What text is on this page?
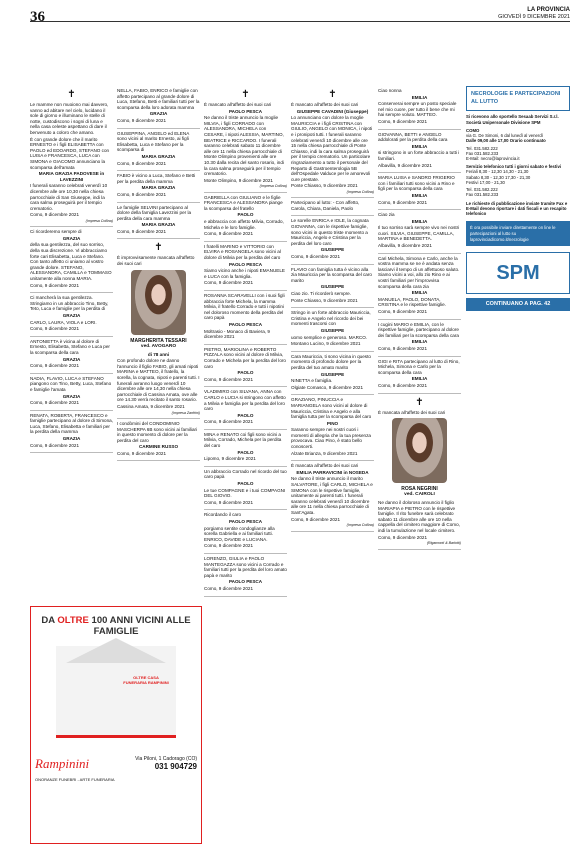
36	LA PROVINCIA
GIOVEDÌ 9 DICEMBRE 2021
✝

Le mamme non muoiono mai davvero, vanno ad abitare nel cielo, lucidano il sole di giorno e illuminano le stelle di notte, custodiscono i sogni di luna e nella casa celeste aspettano di dare il benvenuto a coloro che amano.

È con grande dolore che il marito ERNESTO e i figli ELISABETTA con PAOLO ed EDOARDO, STEFANO con LUISA e FRANCESCA, LUCA con SIMONA e GIACOMO annunciano la scomparsa dell'amata

MARIA GRAZIA PADOVESE in LAVEZZINI

I funerali saranno celebrati venerdì 10 dicembre alle ore 10,30 nella chiesa parrocchiale di San Giuseppe, indi la cara salma proseguirà per il tempio crematorio.

Como, 9 dicembre 2021

(Impresa Collina)

Ci ricorderemo sempre di

GRAZIA

della sua gentilezza, del suo sorriso, della sua discrezione. Vi abbracciamo forte cari Elisabetta, Luca e Stefano. Con tanto affetto ci uniamo al vostro grande dolore. STEFANO, ALESSANDRA, CAMILLA e TOMMASO unitamente alla nonna MARIA.

Como, 9 dicembre 2021

Ci mancherà la sua gentilezza. Stringiamo in un abbraccio Tino, Betty, Teto, Luca e famiglie per la perdita di

GRAZIA

CARLO, LAURA, VIOLA e LORI.

Como, 9 dicembre 2021

ANTONIETTA è vicina al dolore di Ernesto, Elisabetta, Stefano e Luca per la scomparsa della cara

GRAZIA

Como, 9 dicembre 2021

NADIA, FLAVIO, LUCA e STEFANO piangono con Tino, Betty, Luca, Stefano e famiglie l'amata

GRAZIA

Como, 9 dicembre 2021

RENATA, ROBERTA, FRANCESCO e famiglie partecipano al dolore di Simona, Luca, Stefano, Elisabetta e familiari per la perdita della mamma

GRAZIA

Como, 9 dicembre 2021

NELLA, FABIO, ENRICO e famiglie con affetto partecipano al grande dolore di Luca, Stefano, Betti e familiari tutti per la scomparsa della loro adorata mamma

GRAZIA

Como, 9 dicembre 2021

GIUSEPPINA, ANGELO ed ELENA sono vicini al marito Ernesto, ai figli Elisabetta, Luca e Stefano per la scomparsa di

MARIA GRAZIA

Como, 9 dicembre 2021

FABIO è vicino a Luca, Stefano e Betti per la perdita della mamma

MARIA GRAZIA

Como, 9 dicembre 2021

Le famiglie SELVINI partecipano al dolore della famiglia Lavezzini per la perdita della cara mamma

MARIA GRAZIA

Como, 9 dicembre 2021

✝

È improvvisamente mancata all'affetto dei suoi cari

MARGHERITA TESSARI
ved. AVOGARO
di 78 anni

Con profondo dolore ne danno l'annuncio il figlio FABIO, gli amati nipoti MARINA e MATTEO, il fratello, la sorella, la cognata, nipoti e parenti tutti. I funerali avranno luogo venerdì 10 dicembre alle ore 14,30 nella chiesa parrocchiale di Cassina Amata, ove alle ore 14.30 verrà recitato il santo rosario.

Cassina Amata, 9 dicembre 2021

(Impresa Zanfrini)

I condòmini del CONDOMINIO MASCHERPA 6B sono vicini ai familiari in questo momento di dolore per la perdita del caro

CARMINE RUSSO

Como, 9 dicembre 2021

✝

È mancato all'affetto dei suoi cari

PAOLO PESCA

Ne danno il triste annuncio la moglie MILVIA, i figli CORRADO con ALESSANDRA, MICHELA con CESARE, i nipoti ALESSIA, MARTINO, BEATRICE e RICCARDO. I funerali saranno celebrati sabato 11 dicembre alle ore 11 nella chiesa parrocchiale di Monte Olimpino provenienti alle ore 10.30 dalla recita del santo rosario, indi la cara salma proseguirà per il tempio crematorio.

Monte Olimpino, 9 dicembre 2021

(Impresa Collina)

GABRIELLA con GIULIANO e le figlie FRANCESCA e ALESSANDRA piange la scomparsa del fratello

PAOLO

e abbraccia con affetto Milvia, Corrado, Michela e le loro famiglie.

Como, 9 dicembre 2021

I fratelli MARINO e VITTORIO con ELVIRA e ROSANGELA sono vicini al dolore di Milvia per la perdita del caro

PAOLO PESCA

Siamo vicino anche i nipoti EMANUELE e LUCA con la famiglia.

Como, 9 dicembre 2021

ROSANNA SCARAVELLI con i suoi figli abbraccia forte Michela, la mamma Milvia, il fratello Corrado e tutti i nipotini nel doloroso momento della perdita del caro papà

PAOLO PESCA

Moltrasio - Monaco di Baviera, 9 dicembre 2021

PIETRO, MARIOLINA e ROBERTO PIZZALA sono vicini al dolore di Milvia, Corrado e Michela per la perdita del loro caro

PAOLO

Como, 9 dicembre 2021

VLADIMIRO con SILVANA, ANNA con CARLO e LUCIA si stringono con affetto a Milvia e famiglia per la perdita del loro caro

PAOLO

Como, 9 dicembre 2021

MINA e RENATO coi figli sono vicini a Milvia, Corrado, Michela per la perdita del caro

PAOLO

Lipomo, 9 dicembre 2021

Un abbraccio Corrado nel ricordo del tuo caro papà

PAOLO

Le tue COMPAGNE e i tuoi COMPAGNI DEL GIOVIO.

Como, 9 dicembre 2021

Ricordando il caro

PAOLO PESCA

porgiamo sentite condoglianze alla sorella Gabriella e ai familiari tutti. ENRICO, DAVIDE e LUCIANA.

Como, 9 dicembre 2021

LORENZO, GIULIA e PAOLO MANTEGAZZA sono vicini a Corrado e familiari tutti per la perdita del loro amato papà e marito

PAOLO PESCA

Como, 9 dicembre 2021

✝

È mancato all'affetto dei suoi cari

GIUSEPPE CAVADINI (Giuseppe)

Lo annunciano con dolore la moglie MAURICCIA e i figli CRISTINA con GIULIO, ANGELO con MONICA, i nipoti e i pronipoti tutti. I funerali saranno celebrati venerdì 10 dicembre alle ore 15 nella chiesa parrocchiale di Ponte Chiasso, indi la cara salma proseguirà per il tempio crematorio. Un particolare ringraziamento a tutto il personale del Reparto di Gastroenterologia 5B dell'Ospedale Valduce per le amorevoli cure prestate.

Ponte Chiasso, 9 dicembre 2021

(Impresa Collina)

Partecipano al lutto: - Con affetto, Carola, Chiara, Daniela, Paolo

Le sorelle ENRICA e IOLE, la cognata GIOVANNA, con le rispettive famiglie, sono vicini in questo triste momento a Mauriccia, Angelo e Cristina per la perdita del loro caro

GIUSEPPE

Como, 9 dicembre 2021

FLAVIO con famiglia tutta è vicino alla zia Mauriccia per la scomparsa del caro marito

GIUSEPPE

Ciao zio. Ti ricorderò sempre.

Ponte Chiasso, 9 dicembre 2021

Stringo in un forte abbraccio Mauriccia, Cristina e Angelo nel ricordo dei bei momenti trascorsi con

GIUSEPPE

uomo semplice e generoso. MARCO.

Montano Lucino, 9 dicembre 2021

Cara Mauriccia, ti sono vicina in questo momento di profondo dolore per la perdita del tuo amato marito

GIUSEPPE

NINETTA e famiglia.

Olgiate Comasco, 9 dicembre 2021

GRAZIANO, PINUCCIA e MARIANGELA sono vicini al dolore di Mauriccia, Cristina e Angelo e alla famiglia tutta per la scomparsa del caro

PINO

Saranno sempre nei nostri cuori i momenti di allegria che la tua presenza provocava. Ciao Pino, è stato bello conoscerti.

Alzate Brianza, 9 dicembre 2021

È mancata all'affetto dei suoi cari

EMILIA PARRAVICINI in NOSEDA

Ne danno il triste annuncio il marito SALVATORE, i figli CARLO, MICHELA e SIMONA con le rispettive famiglie, unitamente ai parenti tutti. I funerali saranno celebrati venerdì 10 dicembre alle ore 11 nella chiesa parrocchiale di Sant'Agata.

Como, 9 dicembre 2021

(Impresa Collina)

Ciao nonna

EMILIA

Conserverai sempre un posto speciale nel mio cuore, per tutto il bene che mi hai sempre voluto. MATTEO.

Como, 9 dicembre 2021

GIOVANNA, BETTI e ANGELO addolorati per la perdita della cara

EMILIA

si stringono in un forte abbraccio a tutti i familiari.

Albavilla, 9 dicembre 2021

MARIA LUISA e SANDRO FRIGERIO con i familiari tutti sono vicini a Rino e figli per la scomparsa della cara

EMILIA

Como, 9 dicembre 2021

Ciao zia

EMILIA

Il tuo sorriso sarà sempre vivo nei nostri cuori. SILVIA, GIUSEPPE, CAMILLA, MARTINA e BENEDETTA.

Albavilla, 9 dicembre 2021

Cari Michela, Simona e Carlo, anche la vostra mamma se ne è andata senza lasciarvi il tempo di un affettuoso saluto. Siamo vicini a voi, allo zio Rino e ai vostri familiari per l'improvvisa scomparsa della cara zia

EMILIA

MANUELA, PAOLO, DONATA, CRISTINA e le rispettive famiglie.

Como, 9 dicembre 2021

I cugini MARIO e EMILIA, con le rispettive famiglie, partecipano al dolore dei familiari per la scomparsa della cara

EMILIA

Como, 9 dicembre 2021

GIGI e RITA partecipano al lutto di Rino, Michela, Simona e Carlo per la scomparsa della cara

EMILIA

Como, 9 dicembre 2021

✝

È mancata all'affetto dei suoi cari

ROSA NEGRINI
ved. CAIROLI

Ne danno il doloroso annuncio il figlio MARIAPIA e PIETRO con le rispettive famiglie. Il rito funebre sarà celebrato sabato 11 dicembre alle ore 10 nella cappella del cimitero maggiore di Como, indi la tumulazione nel locale cimitero.

Como, 9 dicembre 2021

(Rigamonti & Barlotti)
NECROLOGIE E PARTECIPAZIONI AL LUTTO
Si ricevono allo sportello Sesaab Servizi S.r.l. Società Unipersonale Divisione SPM
COMO
via G. De Simoni, 6 dal lunedì al venerdì
Dalle 09,00 alle 17,00 Orario continuato
Tel. 031.582.222
Fax 031.582.233
E-Mail: necro@laprovincia.it
Servizio telefonico tutti i giorni sabato e festivi
Feriali 8,30 - 12,30 14,30 - 21,30
Sabato 8,30 - 12,30 17,30 - 21,30
Festivi 17,00 - 21,30
Tel. 031.582.222
Fax 031.582.233
Le richieste di pubblicazione inviate tramite Fax e E-Mail devono riportare i dati fiscali e un recapito telefonico
È ora possibile inviare direttamente on line le partecipazioni al lutto su laprovinciadicomo.it/necrologie
SPM
CONTINUANO A PAG. 42
DA OLTRE 100 ANNI VICINI ALLE FAMIGLIE
OLTRE CASA FUNERARIA RAMPININI
Rampinini	Via Piloni, 1 Cadorago (CO)
031 904729
ONORANZE FUNEBRI - ARTE FUNERARIA
